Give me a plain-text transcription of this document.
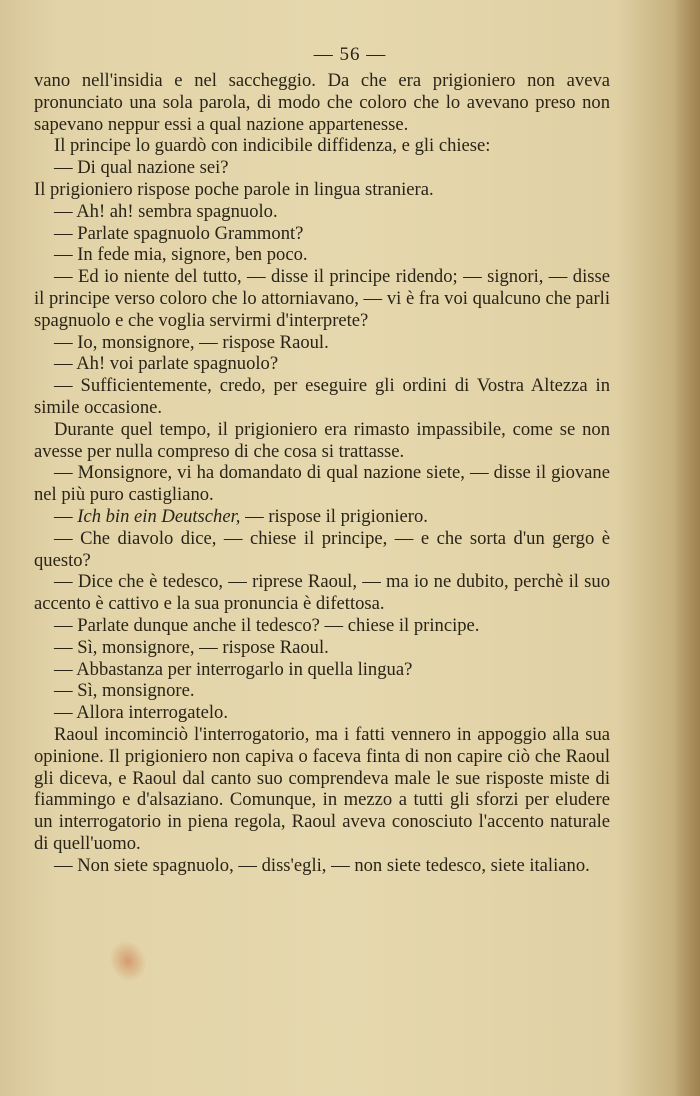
— 56 —

vano nell'insidia e nel saccheggio. Da che era prigioniero non aveva pronunciato una sola parola, di modo che coloro che lo avevano preso non sapevano neppur essi a qual nazione appartenesse.

Il principe lo guardò con indicibile diffidenza, e gli chiese:

— Di qual nazione sei?

Il prigioniero rispose poche parole in lingua straniera.

— Ah! ah! sembra spagnuolo.

— Parlate spagnuolo Grammont?

— In fede mia, signore, ben poco.

— Ed io niente del tutto, — disse il principe ridendo; — signori, — disse il principe verso coloro che lo attorniavano, — vi è fra voi qualcuno che parli spagnuolo e che voglia servirmi d'interprete?

— Io, monsignore, — rispose Raoul.

— Ah! voi parlate spagnuolo?

— Sufficientemente, credo, per eseguire gli ordini di Vostra Altezza in simile occasione.

Durante quel tempo, il prigioniero era rimasto impassibile, come se non avesse per nulla compreso di che cosa si trattasse.

— Monsignore, vi ha domandato di qual nazione siete, — disse il giovane nel più puro castigliano.

— Ich bin ein Deutscher, — rispose il prigioniero.

— Che diavolo dice, — chiese il principe, — e che sorta d'un gergo è questo?

— Dice che è tedesco, — riprese Raoul, — ma io ne dubito, perchè il suo accento è cattivo e la sua pronuncia è difettosa.

— Parlate dunque anche il tedesco? — chiese il principe.

— Sì, monsignore, — rispose Raoul.

— Abbastanza per interrogarlo in quella lingua?

— Sì, monsignore.

— Allora interrogatelo.

Raoul incominciò l'interrogatorio, ma i fatti vennero in appoggio alla sua opinione. Il prigioniero non capiva o faceva finta di non capire ciò che Raoul gli diceva, e Raoul dal canto suo comprendeva male le sue risposte miste di fiammingo e d'alsaziano. Comunque, in mezzo a tutti gli sforzi per eludere un interrogatorio in piena regola, Raoul aveva conosciuto l'accento naturale di quell'uomo.

— Non siete spagnuolo, — diss'egli, — non siete tedesco, siete italiano.
